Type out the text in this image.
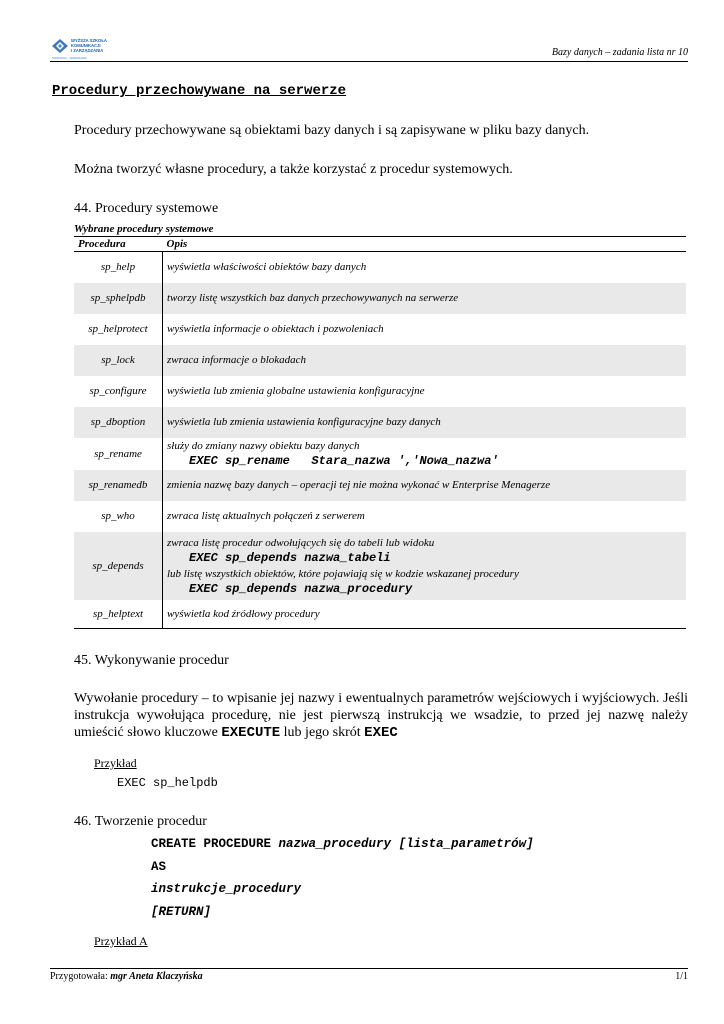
WYŻSZA SZKOŁA
KOMUNIKACJI
I ZARZĄDZANIA
ŚWIDNICA · WARSZAWA	Bazy danych – zadania lista nr 10
Procedury przechowywane na serwerze

Procedury przechowywane są obiektami bazy danych i są zapisywane w pliku bazy danych.

Można tworzyć własne procedury, a także korzystać z procedur systemowych.

44. Procedury systemowe

Wybrane procedury systemowe
Procedura	Opis
sp_help	wyświetla właściwości obiektów bazy danych
sp_sphelpdb	tworzy listę wszystkich baz danych przechowywanych na serwerze
sp_helprotect	wyświetla informacje o obiektach i pozwoleniach
sp_lock	zwraca informacje o blokadach
sp_configure	wyświetla lub zmienia globalne ustawienia konfiguracyjne
sp_dboption	wyświetla lub zmienia ustawienia konfiguracyjne bazy danych
sp_rename	służy do zmiany nazwy obiektu bazy danych
EXEC sp_rename   Stara_nazwa ','Nowa_nazwa'

sp_renamedb	zmienia nazwę bazy danych – operacji tej nie można wykonać w Enterprise Menagerze
sp_who	zwraca listę aktualnych połączeń z serwerem
sp_depends	zwraca listę procedur odwołujących się do tabeli lub widoku
EXEC sp_depends nazwa_tabeli
lub listę wszystkich obiektów, które pojawiają się w kodzie wskazanej procedury
EXEC sp_depends nazwa_procedury

sp_helptext	wyświetla kod źródłowy procedury

45. Wykonywanie procedur

Wywołanie procedury – to wpisanie jej nazwy i ewentualnych parametrów wejściowych i wyjściowych. Jeśli instrukcja wywołująca procedurę, nie jest pierwszą instrukcją we wsadzie, to przed jej nazwę należy umieścić słowo kluczowe EXECUTE lub jego skrót EXEC

Przykład

EXEC sp_helpdb

46. Tworzenie procedur

CREATE PROCEDURE nazwa_procedury [lista_parametrów]
AS
instrukcje_procedury
[RETURN]

Przykład A

Przygotowała: mgr Aneta Klaczyńska	1/1
